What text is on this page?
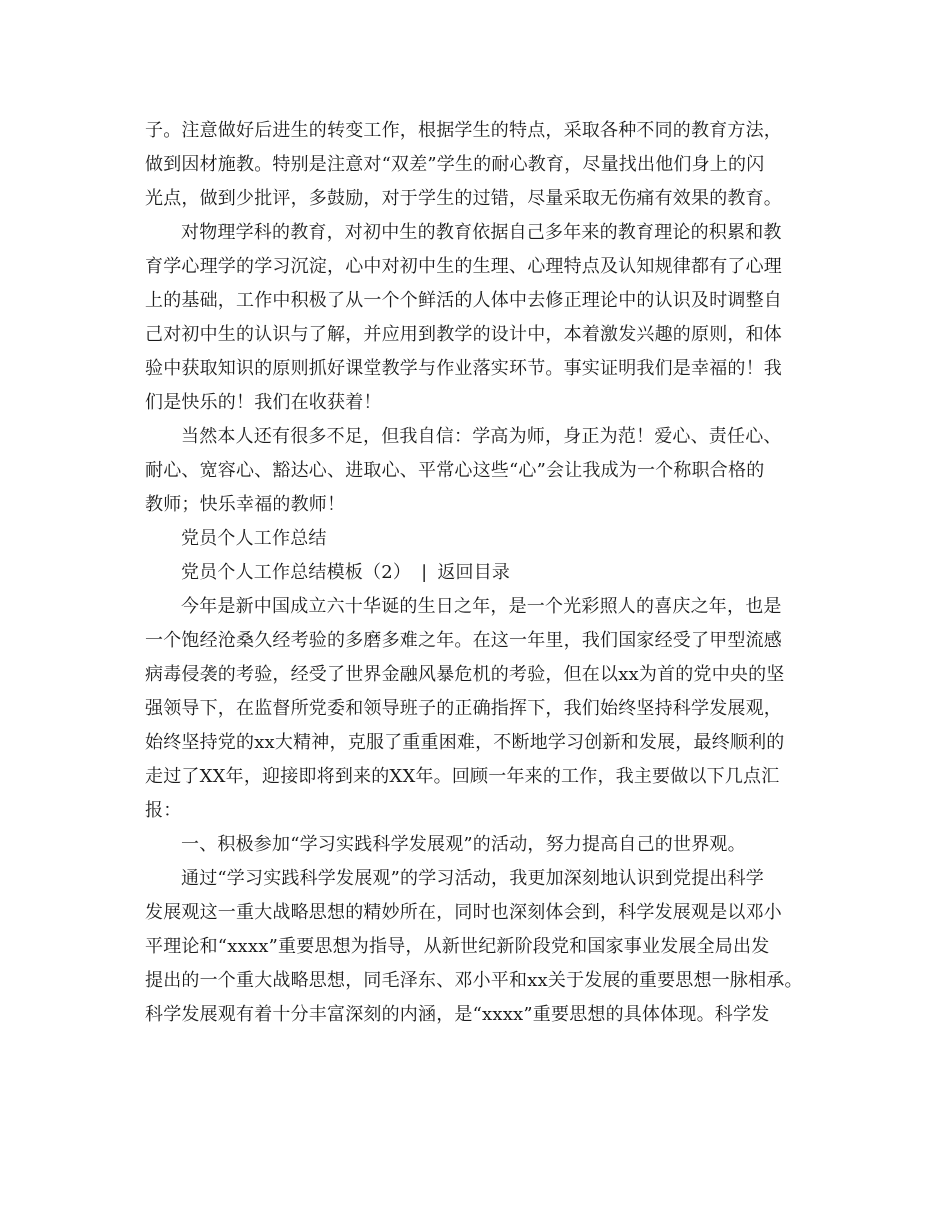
子。注意做好后进生的转变工作，根据学生的特点，采取各种不同的教育方法，
做到因材施教。特别是注意对“双差”学生的耐心教育，尽量找出他们身上的闪
光点，做到少批评，多鼓励，对于学生的过错，尽量采取无伤痛有效果的教育。
对物理学科的教育，对初中生的教育依据自己多年来的教育理论的积累和教
育学心理学的学习沉淀，心中对初中生的生理、心理特点及认知规律都有了心理
上的基础，工作中积极了从一个个鲜活的人体中去修正理论中的认识及时调整自
己对初中生的认识与了解，并应用到教学的设计中，本着激发兴趣的原则，和体
验中获取知识的原则抓好课堂教学与作业落实环节。事实证明我们是幸福的！我
们是快乐的！我们在收获着！
当然本人还有很多不足，但我自信：学高为师，身正为范！爱心、责任心、
耐心、宽容心、豁达心、进取心、平常心这些“心”会让我成为一个称职合格的
教师；快乐幸福的教师！
党员个人工作总结
党员个人工作总结模板（2） | 返回目录
今年是新中国成立六十华诞的生日之年，是一个光彩照人的喜庆之年，也是
一个饱经沧桑久经考验的多磨多难之年。在这一年里，我们国家经受了甲型流感
病毒侵袭的考验，经受了世界金融风暴危机的考验，但在以xx为首的党中央的坚
强领导下，在监督所党委和领导班子的正确指挥下，我们始终坚持科学发展观，
始终坚持党的xx大精神，克服了重重困难，不断地学习创新和发展，最终顺利的
走过了XX年，迎接即将到来的XX年。回顾一年来的工作，我主要做以下几点汇
报：
一、积极参加“学习实践科学发展观”的活动，努力提高自己的世界观。
通过“学习实践科学发展观”的学习活动，我更加深刻地认识到党提出科学
发展观这一重大战略思想的精妙所在，同时也深刻体会到，科学发展观是以邓小
平理论和“xxxx”重要思想为指导，从新世纪新阶段党和国家事业发展全局出发
提出的一个重大战略思想，同毛泽东、邓小平和xx关于发展的重要思想一脉相承。
科学发展观有着十分丰富深刻的内涵，是“xxxx”重要思想的具体体现。科学发
